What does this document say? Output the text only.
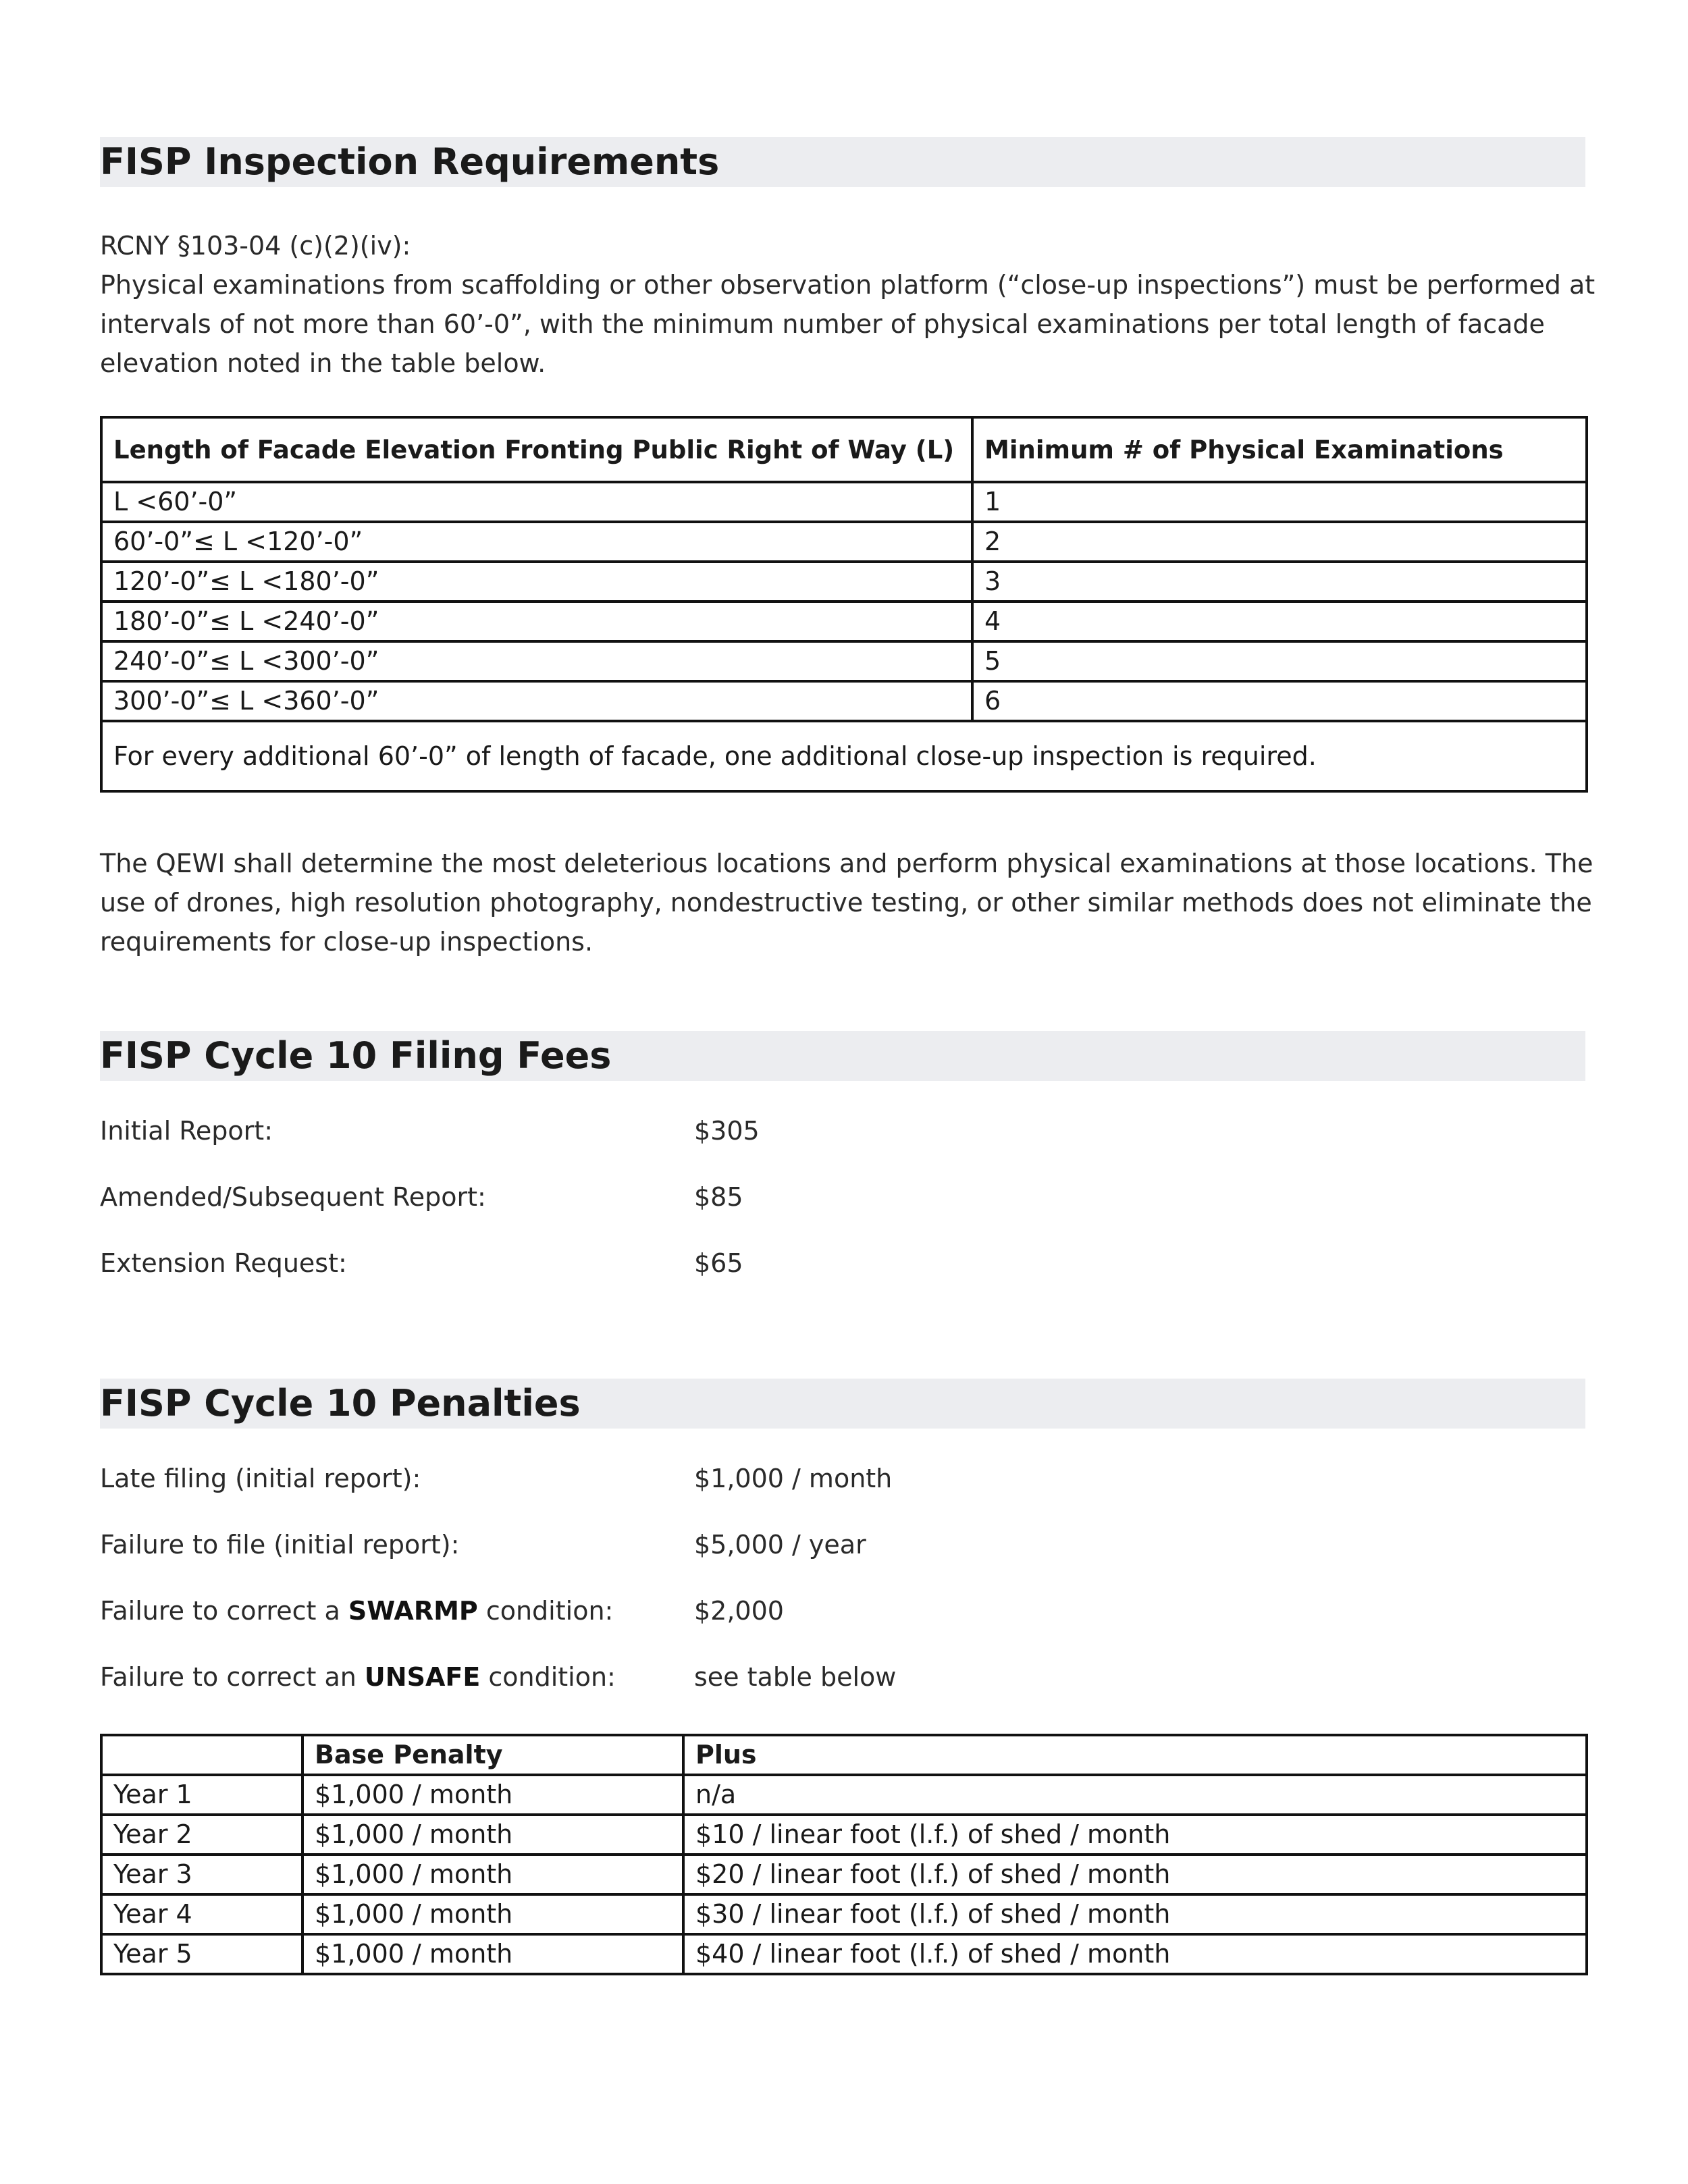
FISP Inspection Requirements

RCNY §103-04 (c)(2)(iv):

Physical examinations from scaffolding or other observation platform (“close-up inspections”) must be performed at intervals of not more than 60’-0”, with the minimum number of physical examinations per total length of facade elevation noted in the table below.

Length of Facade Elevation Fronting Public Right of Way (L)	Minimum # of Physical Examinations
L <60’-0”	1
60’-0”≤ L <120’-0”	2
120’-0”≤ L <180’-0”	3
180’-0”≤ L <240’-0”	4
240’-0”≤ L <300’-0”	5
300’-0”≤ L <360’-0”	6
For every additional 60’-0” of length of facade, one additional close-up inspection is required.	

The QEWI shall determine the most deleterious locations and perform physical examinations at those locations. The use of drones, high resolution photography, nondestructive testing, or other similar methods does not eliminate the requirements for close-up inspections.

FISP Cycle 10 Filing Fees
Initial Report:	$305
Amended/Subsequent Report:	$85
Extension Request:	$65
FISP Cycle 10 Penalties
Late filing (initial report):	$1,000 / month
Failure to file (initial report):	$5,000 / year
Failure to correct a SWARMP condition:	$2,000
Failure to correct an UNSAFE condition:	see table below
	Base Penalty	Plus
Year 1	$1,000 / month	n/a
Year 2	$1,000 / month	$10 / linear foot (l.f.) of shed / month
Year 3	$1,000 / month	$20 / linear foot (l.f.) of shed / month
Year 4	$1,000 / month	$30 / linear foot (l.f.) of shed / month
Year 5	$1,000 / month	$40 / linear foot (l.f.) of shed / month
